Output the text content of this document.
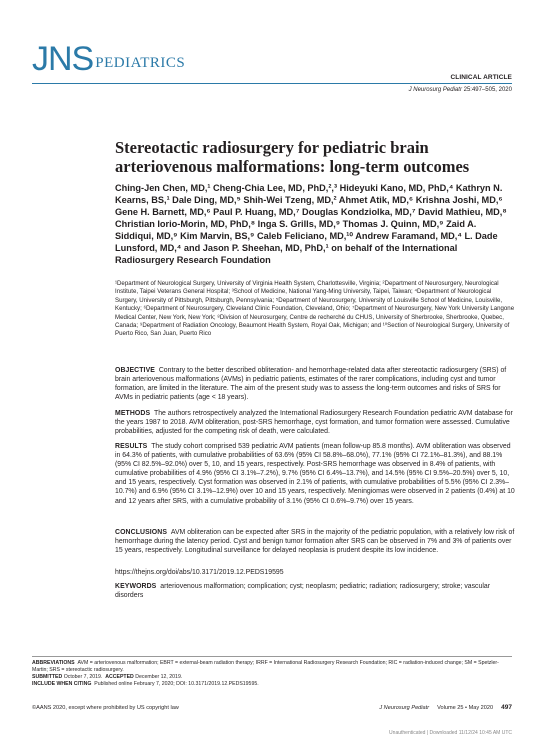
JNS PEDIATRICS
CLINICAL ARTICLE
J Neurosurg Pediatr 25:497–505, 2020
Stereotactic radiosurgery for pediatric brain arteriovenous malformations: long-term outcomes
Ching-Jen Chen, MD,¹ Cheng-Chia Lee, MD, PhD,²,³ Hideyuki Kano, MD, PhD,⁴ Kathryn N. Kearns, BS,¹ Dale Ding, MD,⁵ Shih-Wei Tzeng, MD,² Ahmet Atik, MD,⁶ Krishna Joshi, MD,⁶ Gene H. Barnett, MD,⁶ Paul P. Huang, MD,⁷ Douglas Kondziolka, MD,⁷ David Mathieu, MD,⁸ Christian Iorio-Morin, MD, PhD,⁸ Inga S. Grills, MD,⁹ Thomas J. Quinn, MD,⁹ Zaid A. Siddiqui, MD,⁹ Kim Marvin, BS,⁹ Caleb Feliciano, MD,¹⁰ Andrew Faramand, MD,⁴ L. Dade Lunsford, MD,⁴ and Jason P. Sheehan, MD, PhD,¹ on behalf of the International Radiosurgery Research Foundation
¹Department of Neurological Surgery, University of Virginia Health System, Charlottesville, Virginia; ²Department of Neurosurgery, Neurological Institute, Taipei Veterans General Hospital; ³School of Medicine, National Yang-Ming University, Taipei, Taiwan; ⁴Department of Neurological Surgery, University of Pittsburgh, Pittsburgh, Pennsylvania; ⁵Department of Neurosurgery, University of Louisville School of Medicine, Louisville, Kentucky; ⁶Department of Neurosurgery, Cleveland Clinic Foundation, Cleveland, Ohio; ⁷Department of Neurosurgery, New York University Langone Medical Center, New York, New York; ⁸Division of Neurosurgery, Centre de recherché du CHUS, University of Sherbrooke, Sherbrooke, Quebec, Canada; ⁹Department of Radiation Oncology, Beaumont Health System, Royal Oak, Michigan; and ¹⁰Section of Neurological Surgery, University of Puerto Rico, San Juan, Puerto Rico
OBJECTIVE Contrary to the better described obliteration- and hemorrhage-related data after stereotactic radiosurgery (SRS) of brain arteriovenous malformations (AVMs) in pediatric patients, estimates of the rarer complications, including cyst and tumor formation, are limited in the literature. The aim of the present study was to assess the long-term outcomes and risks of SRS for AVMs in pediatric patients (age < 18 years).
METHODS The authors retrospectively analyzed the International Radiosurgery Research Foundation pediatric AVM database for the years 1987 to 2018. AVM obliteration, post-SRS hemorrhage, cyst formation, and tumor formation were assessed. Cumulative probabilities, adjusted for the competing risk of death, were calculated.
RESULTS The study cohort comprised 539 pediatric AVM patients (mean follow-up 85.8 months). AVM obliteration was observed in 64.3% of patients, with cumulative probabilities of 63.6% (95% CI 58.8%–68.0%), 77.1% (95% CI 72.1%–81.3%), and 88.1% (95% CI 82.5%–92.0%) over 5, 10, and 15 years, respectively. Post-SRS hemorrhage was observed in 8.4% of patients, with cumulative probabilities of 4.9% (95% CI 3.1%–7.2%), 9.7% (95% CI 6.4%–13.7%), and 14.5% (95% CI 9.5%–20.5%) over 5, 10, and 15 years, respectively. Cyst formation was observed in 2.1% of patients, with cumulative probabilities of 5.5% (95% CI 2.3%–10.7%) and 6.9% (95% CI 3.1%–12.9%) over 10 and 15 years, respectively. Meningiomas were observed in 2 patients (0.4%) at 10 and 12 years after SRS, with a cumulative probability of 3.1% (95% CI 0.6%–9.7%) over 15 years.
CONCLUSIONS AVM obliteration can be expected after SRS in the majority of the pediatric population, with a relatively low risk of hemorrhage during the latency period. Cyst and benign tumor formation after SRS can be observed in 7% and 3% of patients over 15 years, respectively. Longitudinal surveillance for delayed neoplasia is prudent despite its low incidence.
https://thejns.org/doi/abs/10.3171/2019.12.PEDS19595
KEYWORDS arteriovenous malformation; complication; cyst; neoplasm; pediatric; radiation; radiosurgery; stroke; vascular disorders
ABBREVIATIONS AVM = arteriovenous malformation; EBRT = external-beam radiation therapy; IRRF = International Radiosurgery Research Foundation; RIC = radiation-induced change; SM = Spetzler-Martin; SRS = stereotactic radiosurgery.
SUBMITTED October 7, 2019. ACCEPTED December 12, 2019.
INCLUDE WHEN CITING Published online February 7, 2020; DOI: 10.3171/2019.12.PEDS19595.
©AANS 2020, except where prohibited by US copyright law	J Neurosurg Pediatr Volume 25 • May 2020 497
Unauthenticated | Downloaded 11/12/24 10:45 AM UTC
